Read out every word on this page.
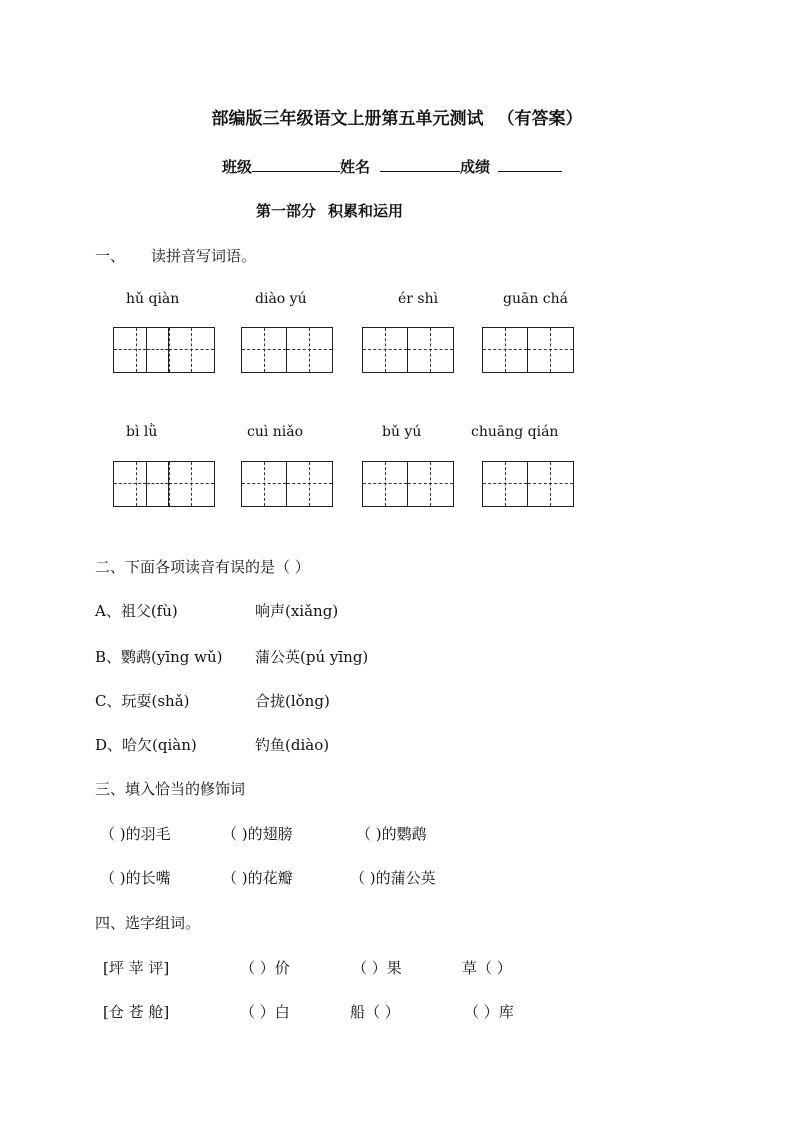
部编版三年级语文上册第五单元测试 （有答案）
班级	姓名	成绩
第一部分 积累和运用
一、 读拼音写词语。
hǔ qiàn	diào yú	ér shì	guān chá
bì lǜ	cuì niǎo	bǔ yú	chuāng qián
二、下面各项读音有误的是（ ）
A、祖父(fù)	响声(xiǎng)
B、鹦鹉(yīng wǔ) 蒲公英(pú yīng)
C、玩耍(shǎ)	合拢(lǒng)
D、哈欠(qiàn)	钓鱼(diào)
三、填入恰当的修饰词
（ )的羽毛	（ )的翅膀	（ )的鹦鹉
（ )的长嘴	（ )的花瓣	（ )的蒲公英
四、选字组词。
[坪 苹 评]	（ ）价	（ ）果	草（ ）
[仓 苍 舱]	（ ）白	船（ ）	（ ）库
